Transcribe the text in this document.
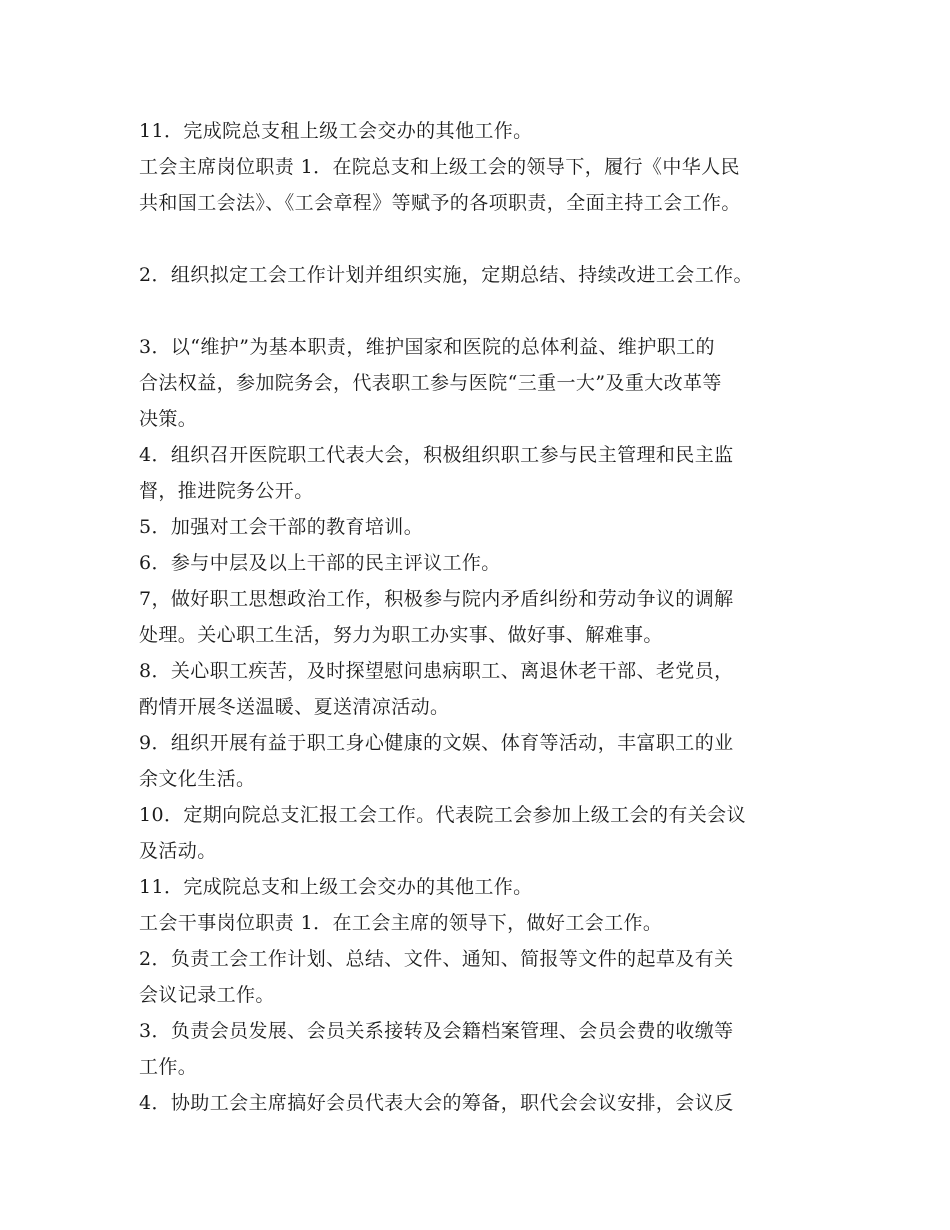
11．完成院总支租上级工会交办的其他工作。
工会主席岗位职责 1．在院总支和上级工会的领导下，履行《中华人民
共和国工会法》、《工会章程》等赋予的各项职责，全面主持工会工作。
2．组织拟定工会工作计划并组织实施，定期总结、持续改进工会工作。
3．以“维护”为基本职责，维护国家和医院的总体利益、维护职工的
合法权益，参加院务会，代表职工参与医院“三重一大”及重大改革等
决策。
4．组织召开医院职工代表大会，积极组织职工参与民主管理和民主监
督，推进院务公开。
5．加强对工会干部的教育培训。
6．参与中层及以上干部的民主评议工作。
7，做好职工思想政治工作，积极参与院内矛盾纠纷和劳动争议的调解
处理。关心职工生活，努力为职工办实事、做好事、解难事。
8．关心职工疾苦，及时探望慰问患病职工、离退休老干部、老党员，
酌情开展冬送温暖、夏送清凉活动。
9．组织开展有益于职工身心健康的文娱、体育等活动，丰富职工的业
余文化生活。
10．定期向院总支汇报工会工作。代表院工会参加上级工会的有关会议
及活动。
11．完成院总支和上级工会交办的其他工作。
工会干事岗位职责 1．在工会主席的领导下，做好工会工作。
2．负责工会工作计划、总结、文件、通知、简报等文件的起草及有关
会议记录工作。
3．负责会员发展、会员关系接转及会籍档案管理、会员会费的收缴等
工作。
4．协助工会主席搞好会员代表大会的筹备，职代会会议安排，会议反
